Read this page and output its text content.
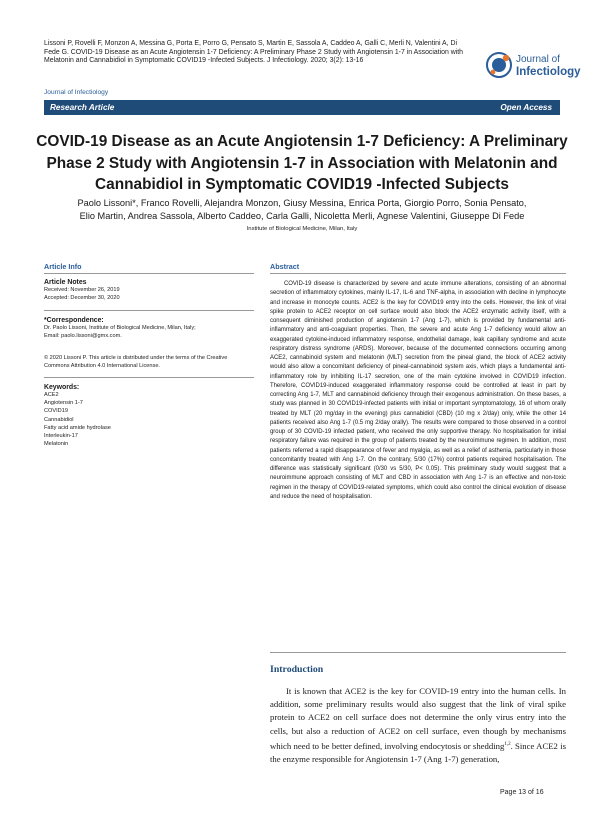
Lissoni P, Rovelli F, Monzon A, Messina G, Porta E, Porro G, Pensato S, Martin E, Sassola A, Caddeo A, Galli C, Merli N, Valentini A, Di Fede G. COVID-19 Disease as an Acute Angiotensin 1-7 Deficiency: A Preliminary Phase 2 Study with Angiotensin 1-7 in Association with Melatonin and Cannabidiol in Symptomatic COVID19 -Infected Subjects. J Infectiology. 2020; 3(2): 13-16
Journal of Infectiology
Journal of
Infectiology
Research Article	Open Access
COVID-19 Disease as an Acute Angiotensin 1-7 Deficiency: A Preliminary Phase 2 Study with Angiotensin 1-7 in Association with Melatonin and Cannabidiol in Symptomatic COVID19 -Infected Subjects
Paolo Lissoni*, Franco Rovelli, Alejandra Monzon, Giusy Messina, Enrica Porta, Giorgio Porro, Sonia Pensato,
Elio Martin, Andrea Sassola, Alberto Caddeo, Carla Galli, Nicoletta Merli, Agnese Valentini, Giuseppe Di Fede
Institute of Biological Medicine, Milan, Italy
Article Info
Article Notes
Received: November 26, 2019
Accepted: December 30, 2020
*Correspondence:
Dr. Paolo Lissoni, Institute of Biological Medicine, Milan, Italy;
Email: paolo.lissoni@gmx.com.
© 2020 Lissoni P. This article is distributed under the terms of the Creative Commons Attribution 4.0 International License.
Keywords:
ACE2
Angiotensin 1-7
COVID19
Cannabidiol
Fatty acid amide hydrolase
Interleukin-17
Melatonin
Abstract

COVID-19 disease is characterized by severe and acute immune alterations, consisting of an abnormal secretion of inflammatory cytokines, mainly IL-17, IL-6 and TNF-alpha, in association with decline in lymphocyte and increase in monocyte counts. ACE2 is the key for COVID19 entry into the cells. However, the link of viral spike protein to ACE2 receptor on cell surface would also block the ACE2 enzymatic activity itself, with a consequent diminished production of angiotensin 1-7 (Ang 1-7), which is provided by fundamental anti-inflammatory and anti-coagulant properties. Then, the severe and acute Ang 1-7 deficiency would allow an exaggerated cytokine-induced inflammatory response, endothelial damage, leak capillary syndrome and acute respiratory distress syndrome (ARDS). Moreover, because of the documented connections occurring among ACE2, cannabinoid system and melatonin (MLT) secretion from the pineal gland, the block of ACE2 activity would also allow a concomitant deficiency of pineal-cannabinoid system axis, which plays a fundamental anti-inflammatory role by inhibiting IL-17 secretion, one of the main cytokine involved in COVID19 infection. Therefore, COVID19-induced exaggerated inflammatory response could be controlled at least in part by correcting Ang 1-7, MLT and cannabinoid deficiency through their exogenous administration. On these bases, a study was planned in 30 COVID19-infected patients with initial or important symptomatology, 16 of whom orally treated by MLT (20 mg/day in the evening) plus cannabidiol (CBD) (10 mg x 2/day) only, while the other 14 patients received also Ang 1-7 (0.5 mg 2/day orally). The results were compared to those observed in a control group of 30 COVID-19 infected patient, who received the only supportive therapy. No hospitalisation for initial respiratory failure was required in the group of patients treated by the neuroimmune regimen. In addition, most patients referred a rapid disappearance of fever and myalgia, as well as a relief of asthenia, particularly in those concomitantly treated with Ang 1-7. On the contrary, 5/30 (17%) control patients required hospitalisation. The difference was statistically significant (0/30 vs 5/30, P< 0.05). This preliminary study would suggest that a neuroimmune approach consisting of MLT and CBD in association with Ang 1-7 is an effective and non-toxic regimen in the therapy of COVID19-related symptoms, which could also control the clinical evolution of disease and reduce the need of hospitalisation.

Introduction

It is known that ACE2 is the key for COVID-19 entry into the human cells. In addition, some preliminary results would also suggest that the link of viral spike protein to ACE2 on cell surface does not determine the only virus entry into the cells, but also a reduction of ACE2 on cell surface, even though by mechanisms which need to be better defined, involving endocytosis or shedding$^{1,2}$. Since ACE2 is the enzyme responsible for Angiotensin 1-7 (Ang 1-7) generation,

Page 13 of 16
